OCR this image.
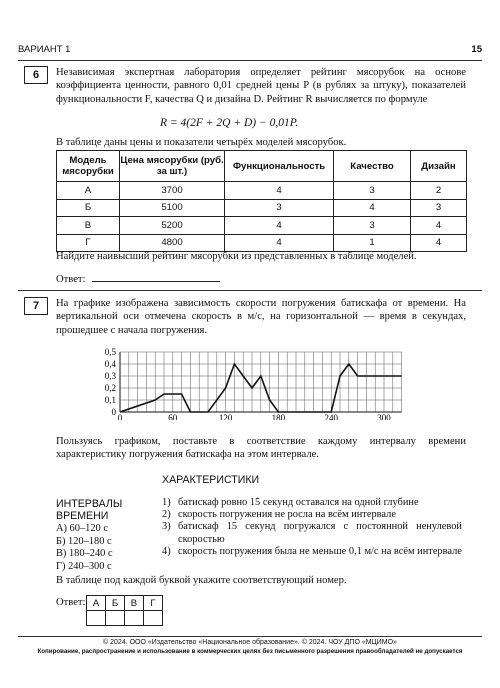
ВАРИАНТ 1	15
6	Независимая экспертная лаборатория определяет рейтинг мясорубок на основе коэффициента ценности, равного 0,01 средней цены P (в рублях за штуку), показателей функциональности F, качества Q и дизайна D. Рейтинг R вычисляется по формуле
R = 4(2F + 2Q + D) − 0,01P.
В таблице даны цены и показатели четырёх моделей мясорубок.
Модель мясорубки	Цена мясорубки (руб. за шт.)	Функциональность	Качество	Дизайн
А	3700	4	3	2
Б	5100	3	4	3
В	5200	4	3	4
Г	4800	4	1	4
Найдите наивысший рейтинг мясорубки из представленных в таблице моделей.
Ответ:
7	На графике изображена зависимость скорости погружения батискафа от времени. На вертикальной оси отмечена скорость в м/с, на горизонтальной — время в секундах, прошедшее с начала погружения.
0
0,1
0,2
0,3
0,4
0,5
0	60	120	180	240	300
Пользуясь графиком, поставьте в соответствие каждому интервалу времени характеристику погружения батискафа на этом интервале.
ИНТЕРВАЛЫ
ВРЕМЕНИ
А) 60–120 с
Б) 120–180 с
В) 180–240 с
Г) 240–300 с
ХАРАКТЕРИСТИКИ
1) батискаф ровно 15 секунд оставался на одной глубине
2) скорость погружения не росла на всём интервале
3) батискаф 15 секунд погружался с постоянной ненулевой скоростью
4) скорость погружения была не меньше 0,1 м/с на всём интервале
В таблице под каждой буквой укажите соответствующий номер.
Ответ: А	Б	В	Г

© 2024. ООО «Издательство «Национальное образование». © 2024. ЧОУ ДПО «МЦИМО»
Копирование, распространение и использование в коммерческих целях без письменного разрешения правообладателей не допускается
